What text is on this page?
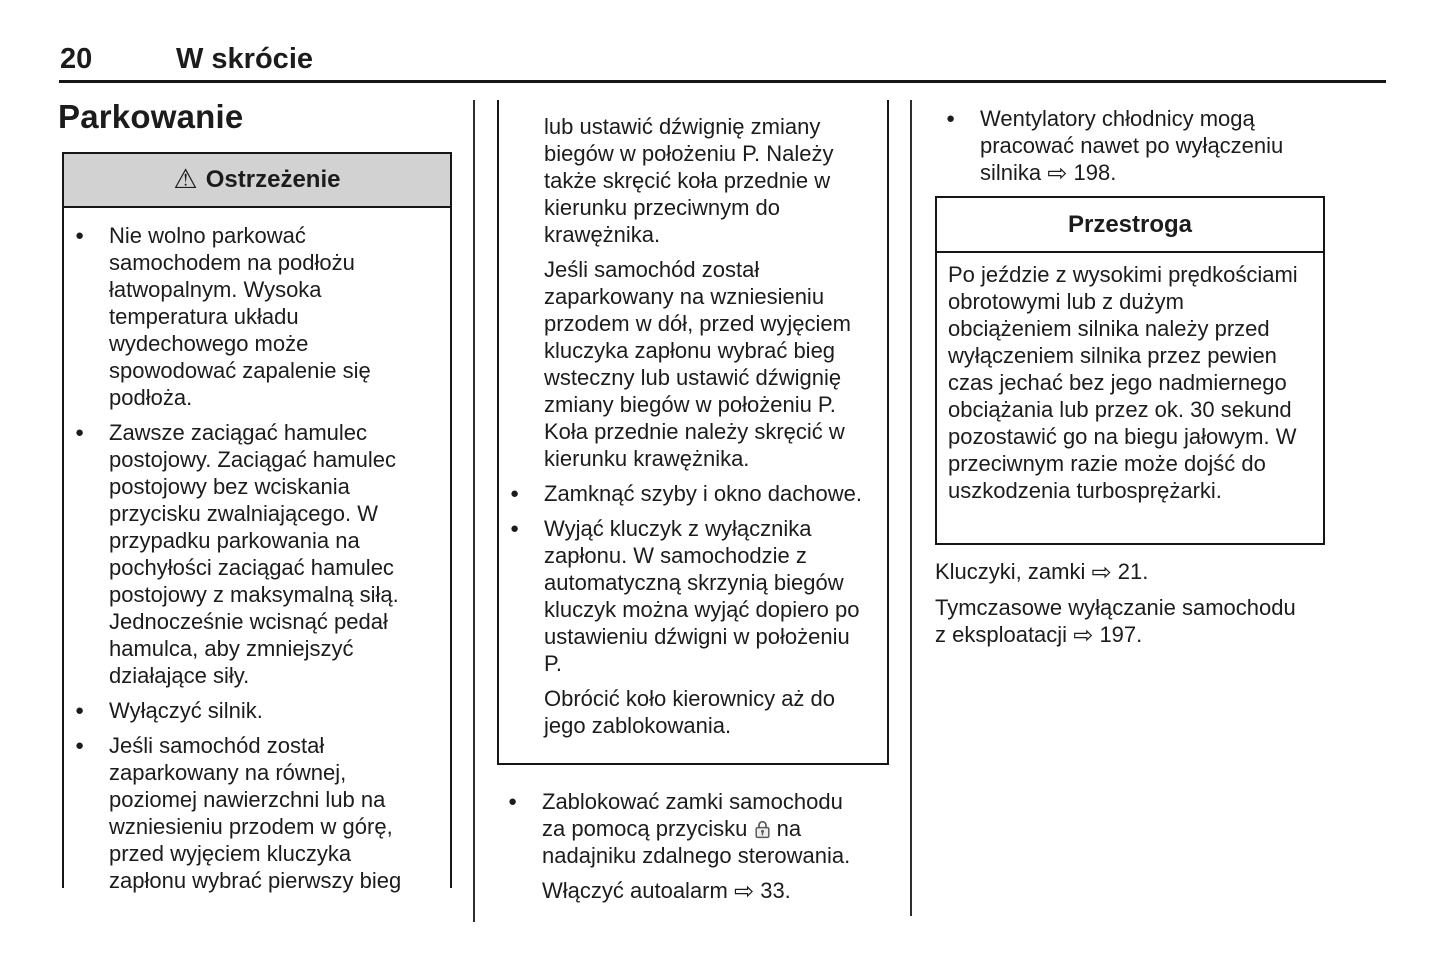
20	W skrócie
Parkowanie
⚠ Ostrzeżenie
● Nie wolno parkować samochodem na podłożu łatwopalnym. Wysoka temperatura układu wydechowego może spowodować zapalenie się podłoża.
● Zawsze zaciągać hamulec postojowy. Zaciągać hamulec postojowy bez wciskania przycisku zwalniającego. W przypadku parkowania na pochyłości zaciągać hamulec postojowy z maksymalną siłą. Jednocześnie wcisnąć pedał hamulca, aby zmniejszyć działające siły.
● Wyłączyć silnik.
● Jeśli samochód został zaparkowany na równej, poziomej nawierzchni lub na wzniesieniu przodem w górę, przed wyjęciem kluczyka zapłonu wybrać pierwszy bieg
lub ustawić dźwignię zmiany biegów w położeniu P. Należy także skręcić koła przednie w kierunku przeciwnym do krawężnika.
Jeśli samochód został zaparkowany na wzniesieniu przodem w dół, przed wyjęciem kluczyka zapłonu wybrać bieg wsteczny lub ustawić dźwignię zmiany biegów w położeniu P. Koła przednie należy skręcić w kierunku krawężnika.
● Zamknąć szyby i okno dachowe.
● Wyjąć kluczyk z wyłącznika zapłonu. W samochodzie z automatyczną skrzynią biegów kluczyk można wyjąć dopiero po ustawieniu dźwigni w położeniu P.
Obrócić koło kierownicy aż do jego zablokowania.
● Zablokować zamki samochodu za pomocą przycisku na nadajniku zdalnego sterowania.
Włączyć autoalarm ⇨ 33.
● Wentylatory chłodnicy mogą pracować nawet po wyłączeniu silnika ⇨ 198.
Przestroga
Po jeździe z wysokimi prędkościami obrotowymi lub z dużym obciążeniem silnika należy przed wyłączeniem silnika przez pewien czas jechać bez jego nadmiernego obciążania lub przez ok. 30 sekund pozostawić go na biegu jałowym. W przeciwnym razie może dojść do uszkodzenia turbosprężarki.
Kluczyki, zamki ⇨ 21.
Tymczasowe wyłączanie samochodu z eksploatacji ⇨ 197.
